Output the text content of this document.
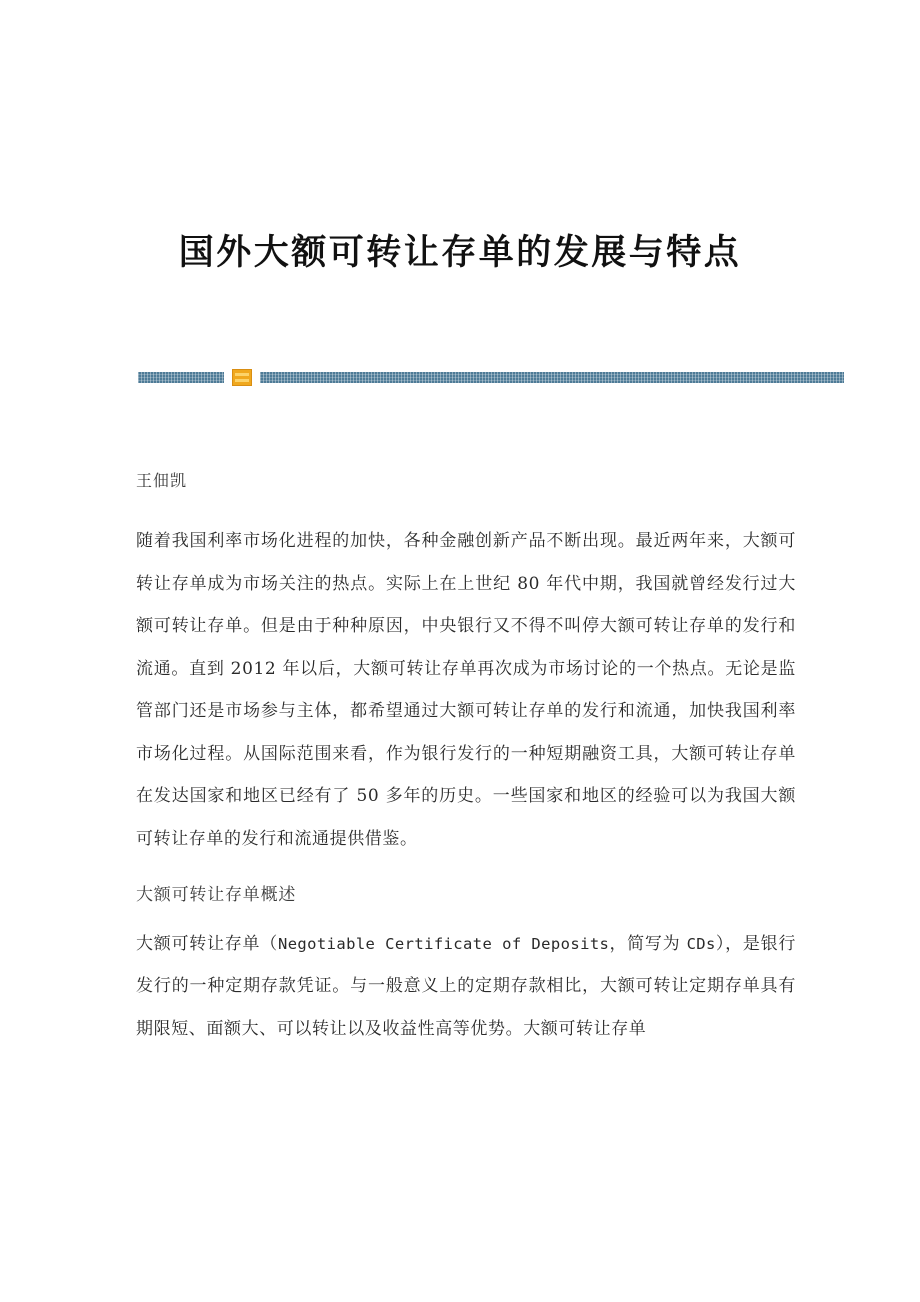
国外大额可转让存单的发展与特点

王佃凯

随着我国利率市场化进程的加快，各种金融创新产品不断出现。最近两年来，大额可转让存单成为市场关注的热点。实际上在上世纪 80 年代中期，我国就曾经发行过大额可转让存单。但是由于种种原因，中央银行又不得不叫停大额可转让存单的发行和流通。直到 2012 年以后，大额可转让存单再次成为市场讨论的一个热点。无论是监管部门还是市场参与主体，都希望通过大额可转让存单的发行和流通，加快我国利率市场化过程。从国际范围来看，作为银行发行的一种短期融资工具，大额可转让存单在发达国家和地区已经有了 50 多年的历史。一些国家和地区的经验可以为我国大额可转让存单的发行和流通提供借鉴。

大额可转让存单概述

大额可转让存单（Negotiable Certificate of Deposits，简写为 CDs），是银行发行的一种定期存款凭证。与一般意义上的定期存款相比，大额可转让定期存单具有期限短、面额大、可以转让以及收益性高等优势。大额可转让存单
